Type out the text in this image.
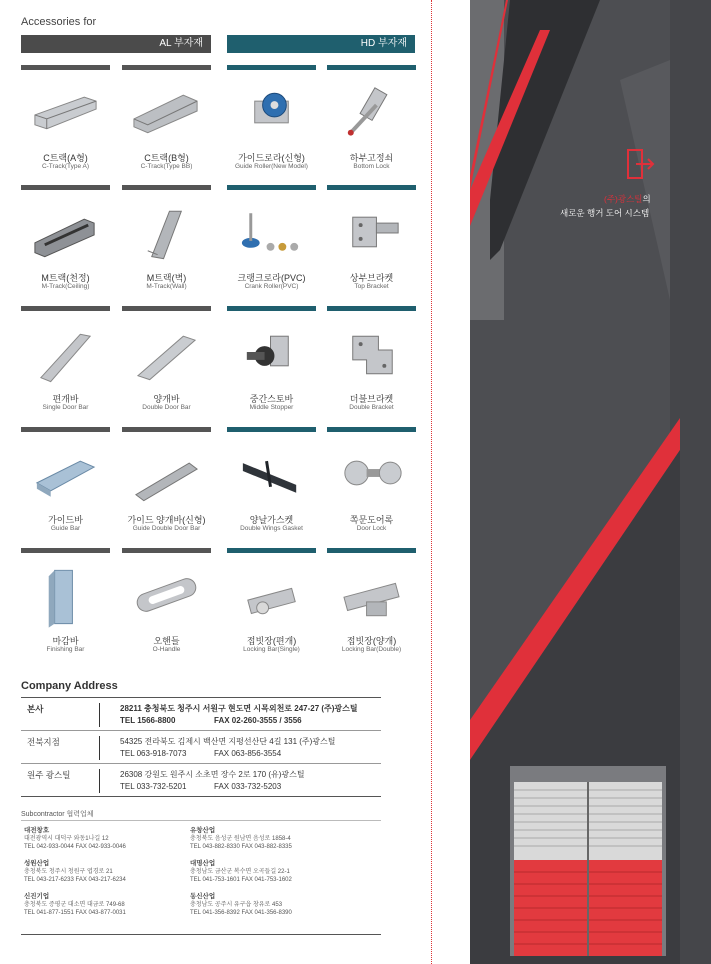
Accessories for
AL 부자재	HD 부자재
C트랙(A형)
C-Track(Type A)
C트랙(B형)
C-Track(Type BB)
가이드로라(신형)
Guide Roller(New Model)
하부고정쇠
Bottom Lock
M트랙(천정)
M-Track(Ceiling)
M트랙(벽)
M-Track(Wall)
크랭크로라(PVC)
Crank Roller(PVC)
상부브라켓
Top Bracket
편개바
Single Door Bar
양개바
Double Door Bar
중간스토바
Middle Stopper
더블브라켓
Double Bracket
가이드바
Guide Bar
가이드 양개바(신형)
Guide Double Door Bar
양날가스켓
Double Wings Gasket
쪽문도어록
Door Lock
마감바
Finishing Bar
오핸들
O-Handle
접빗장(편개)
Locking Bar(Single)
접빗장(양개)
Locking Bar(Double)
Company Address
본사	28211 충청북도 청주시 서원구 현도면 시목외천로 247-27 (주)광스틸
TEL 1566-8800	FAX 02-260-3555 / 3556
전북지점	54325 전라북도 김제시 백산면 지평선산단 4길 131 (주)광스틸
TEL 063-918-7073	FAX 063-856-3554
원주 광스틸	26308 강원도 원주시 소초면 장수 2로 170 (유)광스틸
TEL 033-732-5201	FAX 033-732-5203
Subcontractor 협력업체
대전창호
대전광역시 대덕구 와동1나길 12
TEL 042-933-0044 FAX 042-933-0046
유창산업
충청북도 음성군 원남면 음성로 1858-4
TEL 043-882-8330 FAX 043-882-8335
성원산업
충청북도 청주시 청원구 엽경로 21
TEL 043-217-6233 FAX 043-217-6234
대명산업
충청남도 금산군 복수면 오곡들길 22-1
TEL 041-753-1601 FAX 041-753-1602
신진기업
충청북도 증평군 대소면 대금로 749-68
TEL 041-877-1551 FAX 043-877-0031
동신산업
충청남도 공주시 유구읍 창유로 453
TEL 041-356-8392 FAX 041-356-8390
(주)광스틸의
새로운 행거 도어 시스템
